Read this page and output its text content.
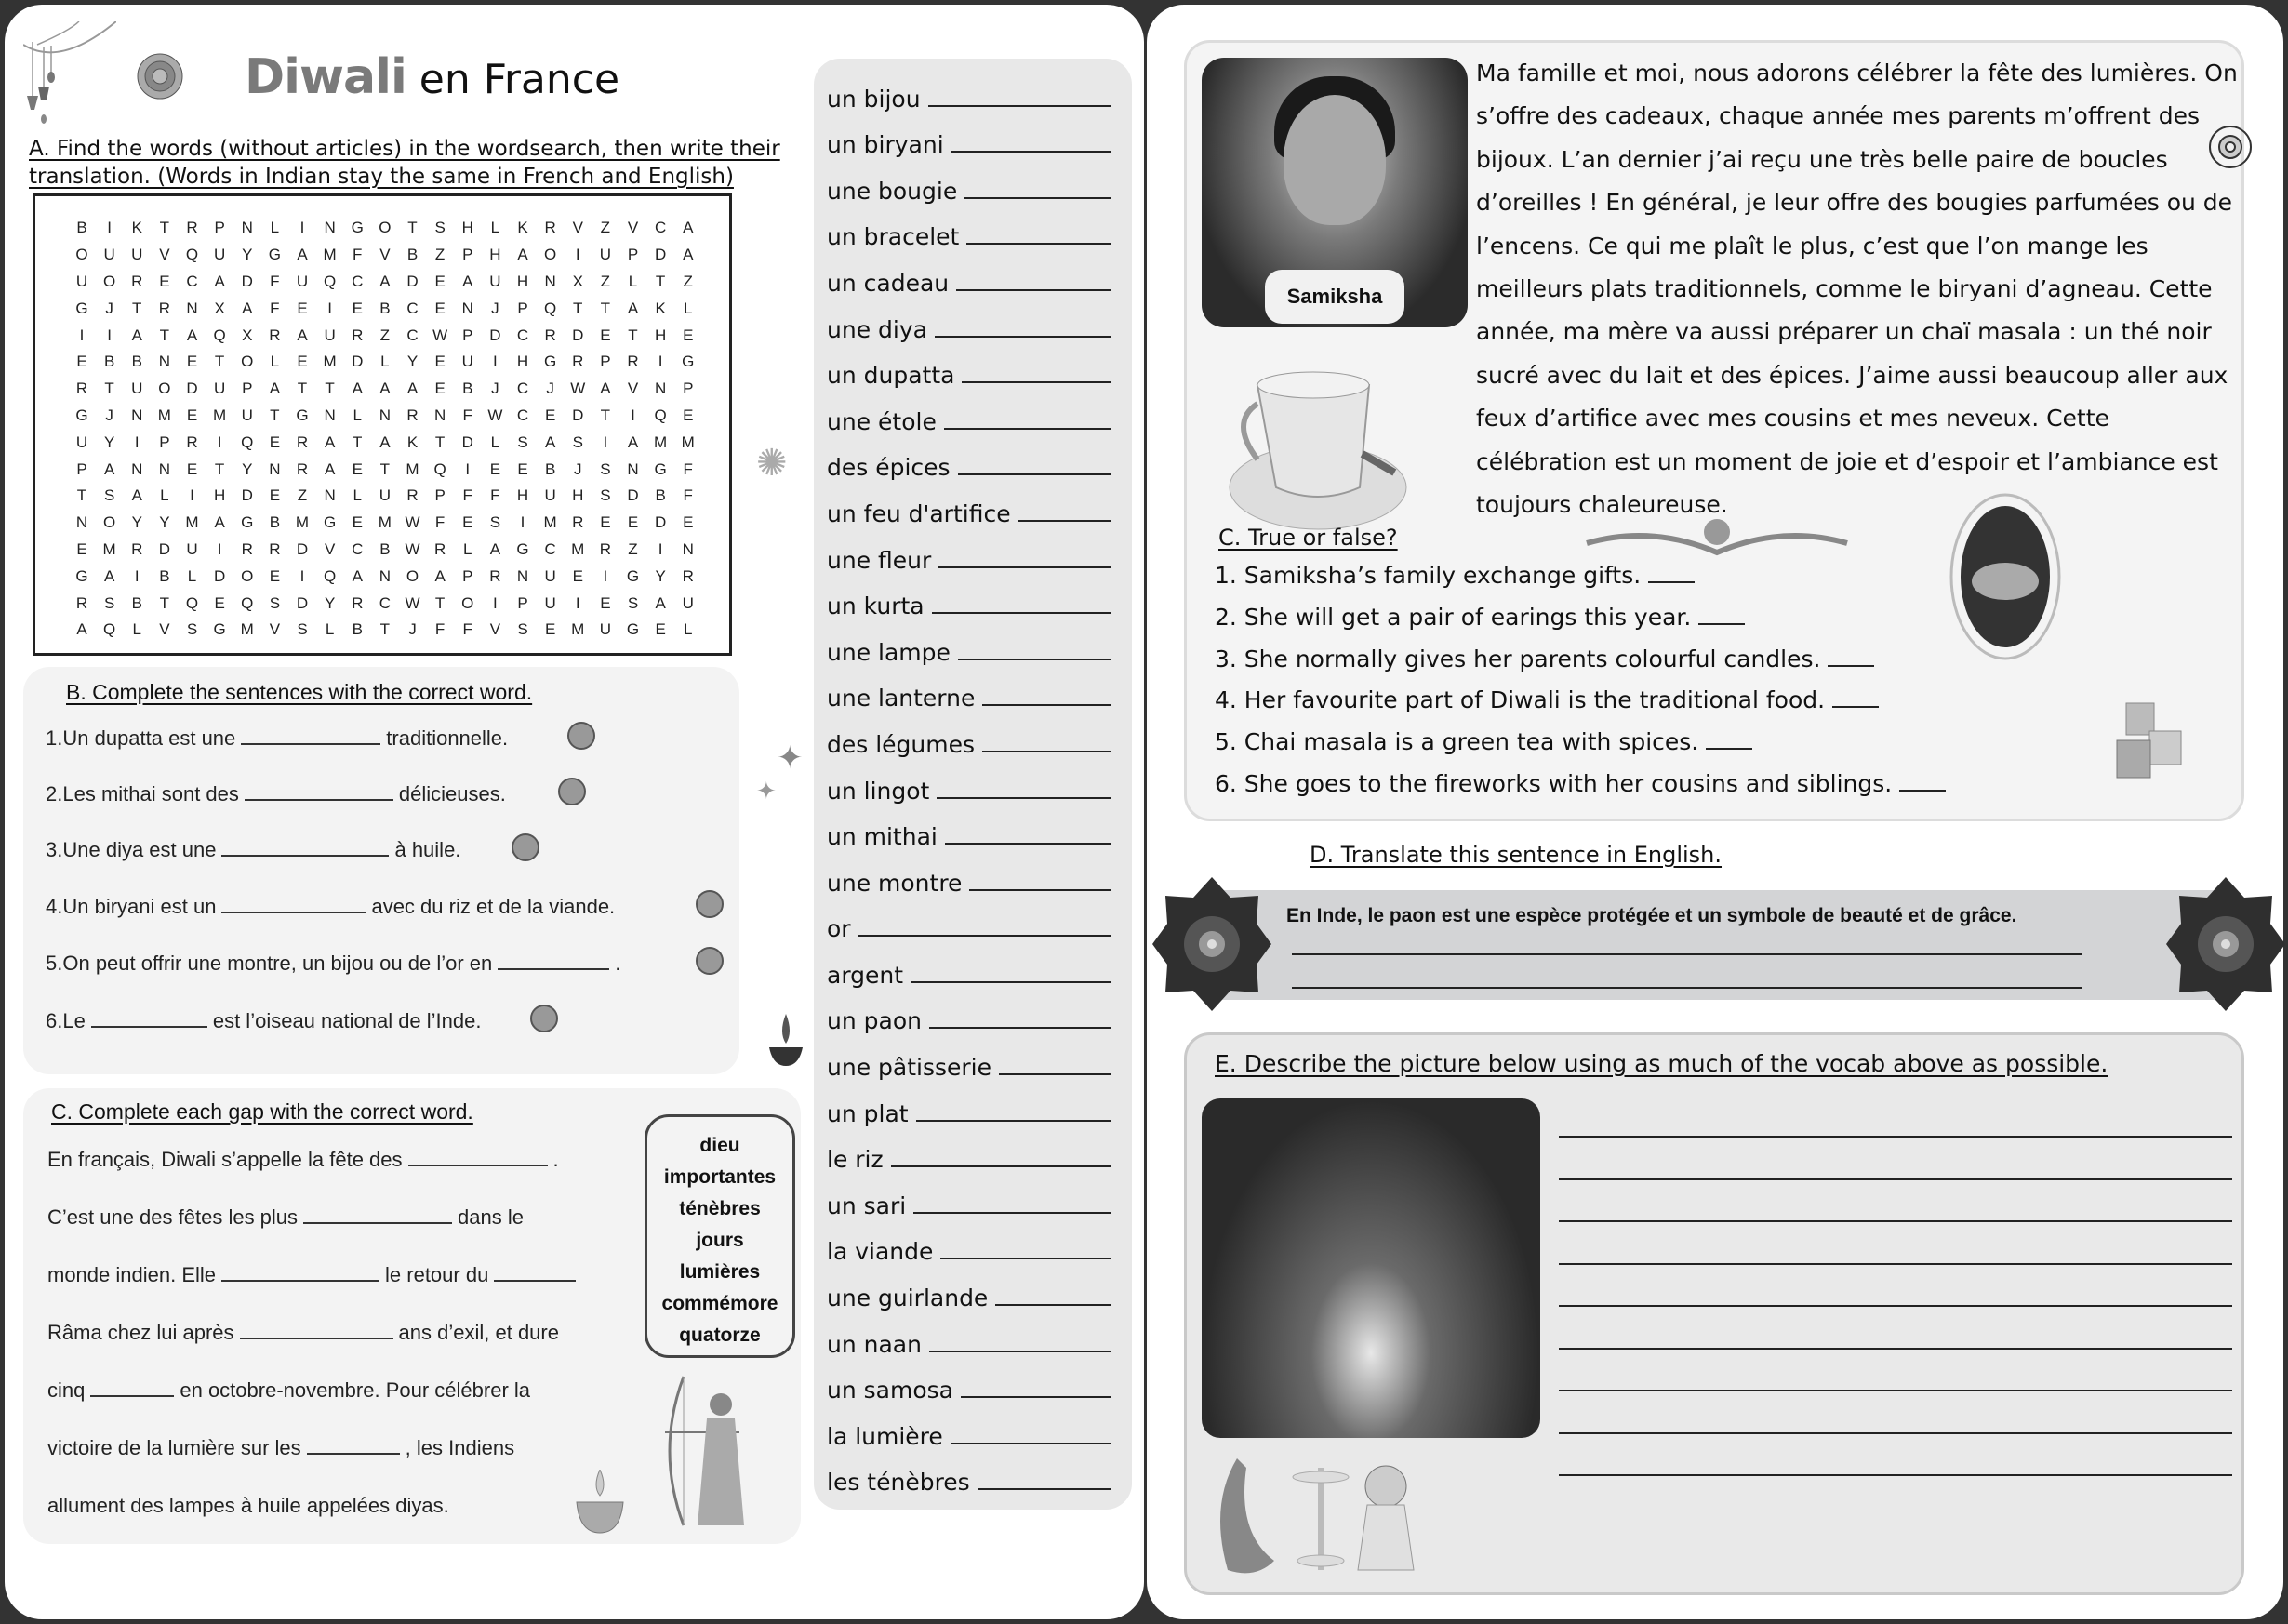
Diwali en France
A. Find the words (without articles) in the wordsearch, then write their translation. (Words in Indian stay the same in French and English)
B	I	K T R P N	L	I	N G O T S H	L	K R V Z V C A
O U U V Q U Y G A M F V B Z P H A O	I	U P D A
U O R E C A D F U Q C A D E A U H N X Z	L	T Z
G	J	T R N X A F E	I	E B C E N	J	P Q T T A K	L
I	I	A T A Q X R A U R Z C W P D C R D E T H E
E B B N E T O	L	E M D	L	Y E U	I	H G R P R	I	G
R T U O D U P A T T A A A E B	J	C	J	W A V N P
G	J	N M E M U T G N	L	N R N F W C E D T	I	Q E
U Y	I	P R	I	Q E R A T A K T D	L	S A S	I	A M M
P A N N E T Y N R A E T M Q	I	E E B	J	S N G F
T S A	L	I	H D E Z N	L	U R P F F H U H S D B F
N O Y Y M A G B M G E M W F E S	I	M R E E D E
E M R D U	I	R R D V C B W R	L	A G C M R Z	I	N
G A	I	B	L	D O E	I	Q A N O A P R N U E	I	G Y R
R S B T Q E Q S D Y R C W T O	I	P U	I	E S A U
A Q	L	V S G M V S	L	B T	J	F F V S E M U G E	L
B. Complete the sentences with the correct word.
1.Un dupatta est une	traditionnelle.
2.Les mithai sont des	délicieuses.
3.Une diya est une	à huile.
4.Un biryani est un	avec du riz et de la viande.
5.On peut offrir une montre, un bijou ou de l’or en	.
6.Le	est l’oiseau national de l’Inde.
C. Complete each gap with the correct word.
En français, Diwali s’appelle la fête des	.
C’est une des fêtes les plus	dans le
monde indien. Elle	le retour du
Râma chez lui après	ans d’exil, et dure
cinq	en octobre-novembre. Pour célébrer la
victoire de la lumière sur les	, les Indiens
allument des lampes à huile appelées diyas.
dieu
importantes
ténèbres
jours
lumières
commémore
quatorze
un bijou
un biryani
une bougie
un bracelet
un cadeau
une diya
un dupatta
une étole
des épices
un feu d'artifice
une fleur
un kurta
une lampe
une lanterne
des légumes
un lingot
un mithai
une montre
or
argent
un paon
une pâtisserie
un plat
le riz
un sari
la viande
une guirlande
un naan
un samosa
la lumière
les ténèbres
✺
✦
✦
Samiksha
Ma famille et moi, nous adorons célébrer la fête des lumières. On s’offre des cadeaux, chaque année mes parents m’offrent des bijoux. L’an dernier j’ai reçu une très belle paire de boucles d’oreilles ! En général, je leur offre des bougies parfumées ou de l’encens. Ce qui me plaît le plus, c’est que l’on mange les meilleurs plats traditionnels, comme le biryani d’agneau. Cette année, ma mère va aussi préparer un chaï masala : un thé noir sucré avec du lait et des épices. J’aime aussi beaucoup aller aux feux d’artifice avec mes cousins et mes neveux. Cette célébration est un moment de joie et d’espoir et l’ambiance est toujours chaleureuse.
C. True or false?
1. Samiksha’s family exchange gifts.
2. She will get a pair of earings this year.
3. She normally gives her parents colourful candles.
4. Her favourite part of Diwali is the traditional food.
5. Chai masala is a green tea with spices.
6. She goes to the fireworks with her cousins and siblings.
D. Translate this sentence in English.
En Inde, le paon est une espèce protégée et un symbole de beauté et de grâce.
E. Describe the picture below using as much of the vocab above as possible.
